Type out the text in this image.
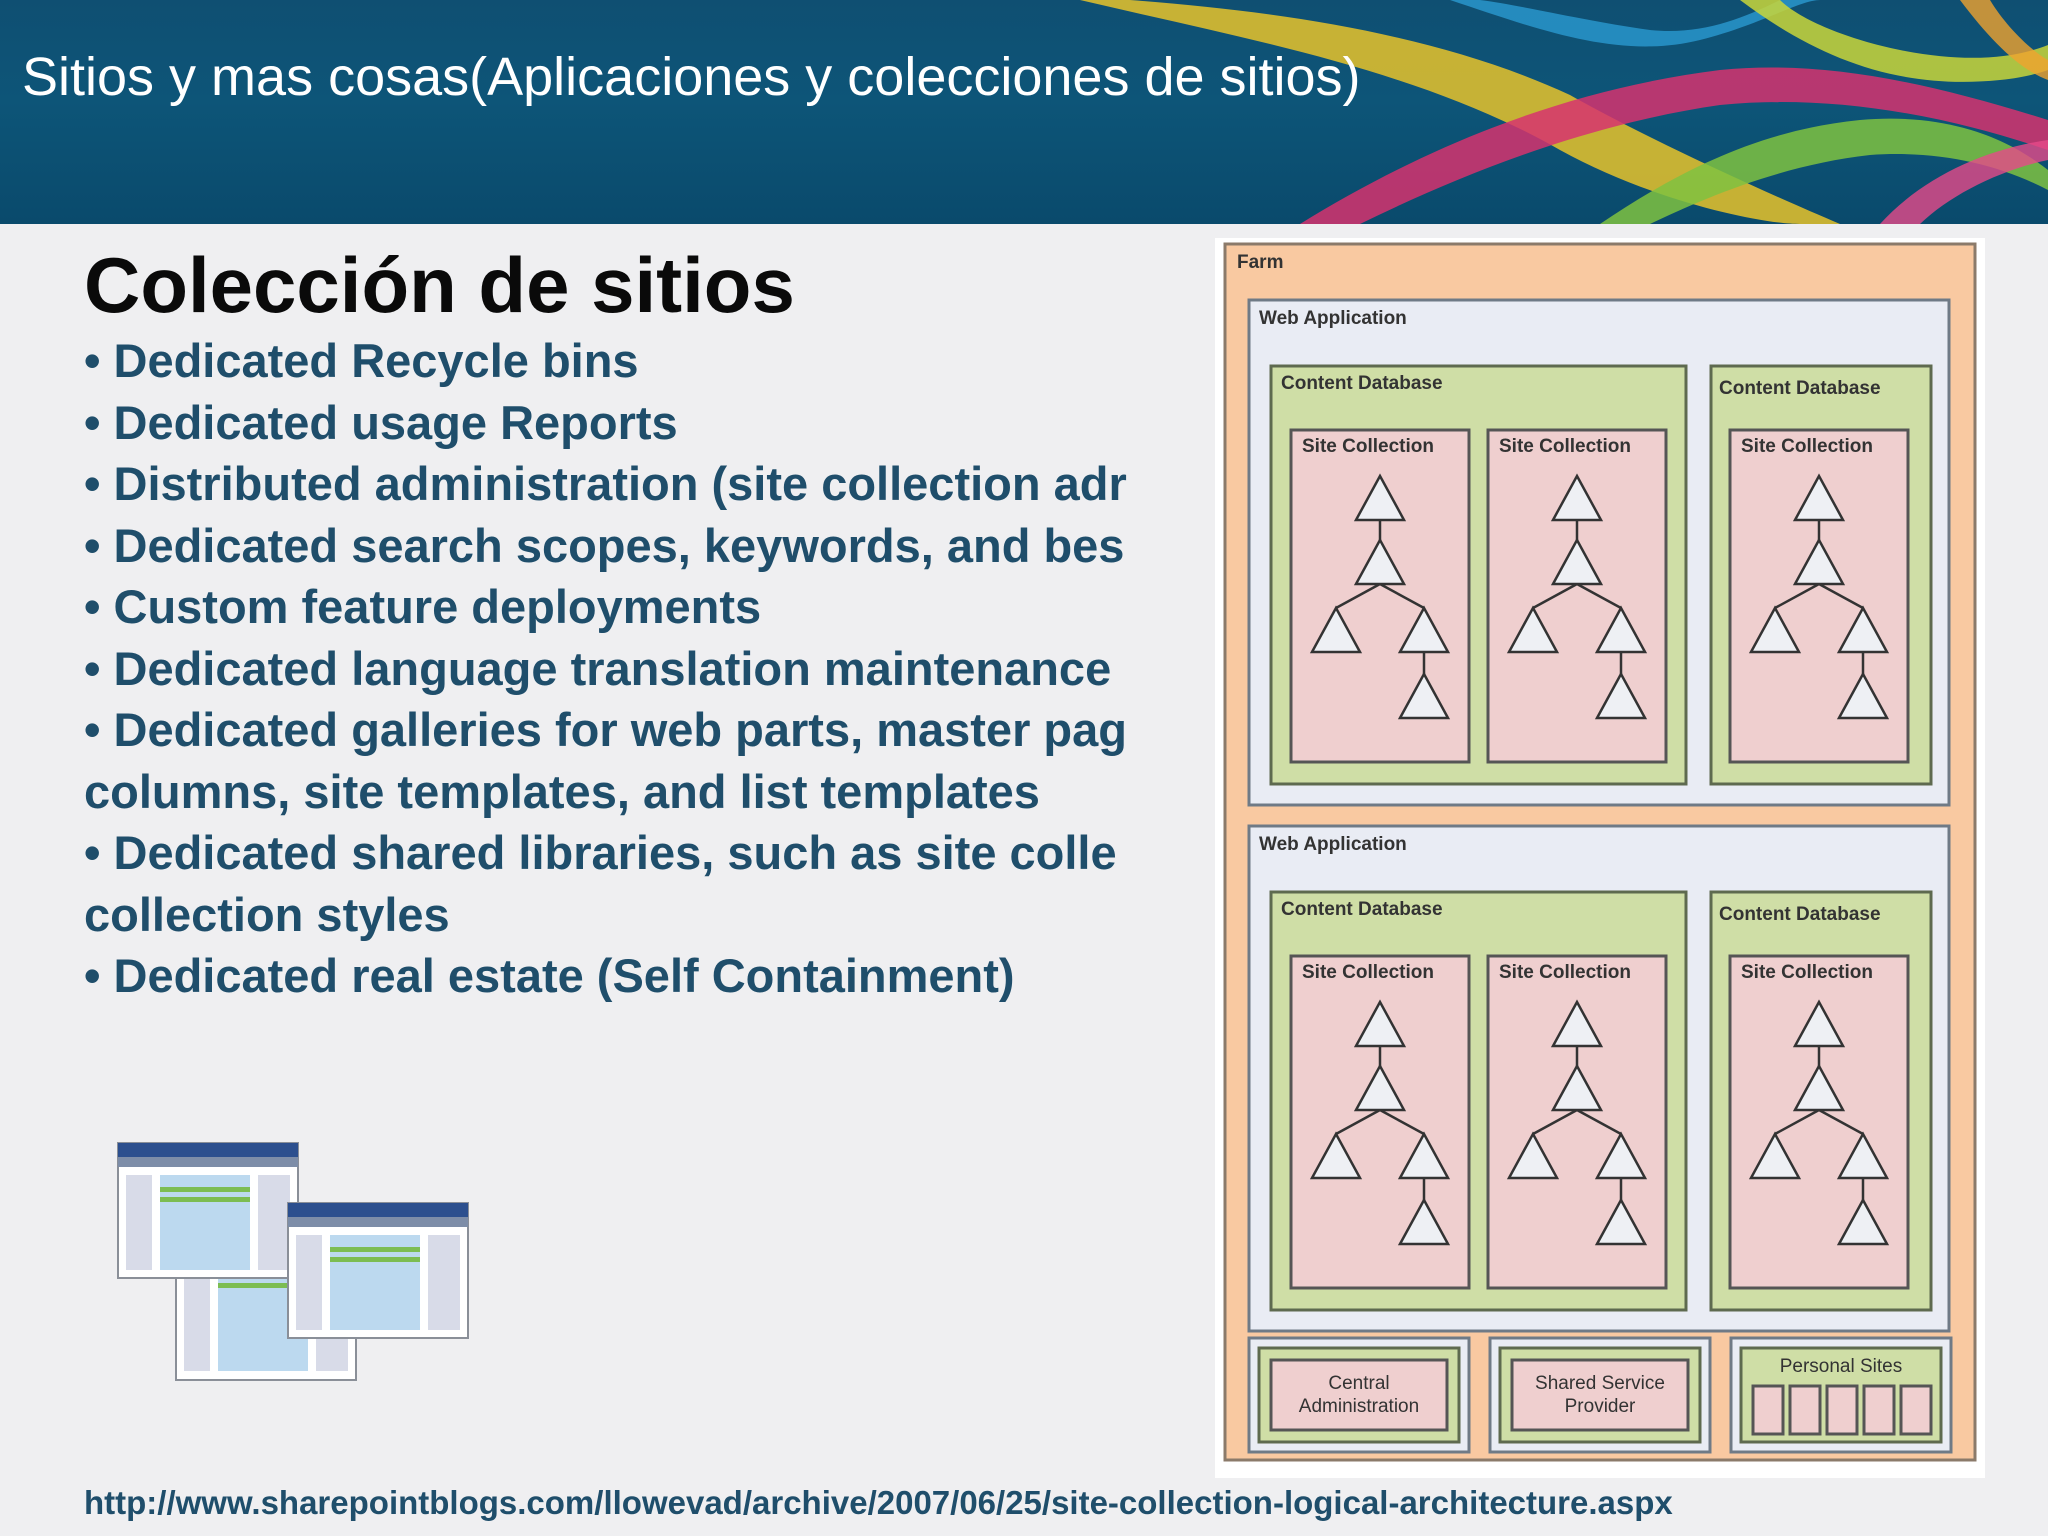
Sitios y mas cosas(Aplicaciones y colecciones de sitios)
Colección de sitios
• Dedicated Recycle bins
• Dedicated usage Reports
• Distributed administration (site collection adr
• Dedicated search scopes, keywords, and bes
• Custom feature deployments
• Dedicated language translation maintenance
• Dedicated galleries for web parts, master pag
columns, site templates, and list templates
• Dedicated shared libraries, such as site colle
collection styles
• Dedicated real estate (Self Containment)
Farm
Web Application
Content Database	Content Database
Site Collection	Site Collection	Site Collection
Web Application
Content Database	Content Database
Site Collection	Site Collection	Site Collection
Central
Administration
Shared Service
Provider
Personal Sites
http://www.sharepointblogs.com/llowevad/archive/2007/06/25/site-collection-logical-architecture.aspx
